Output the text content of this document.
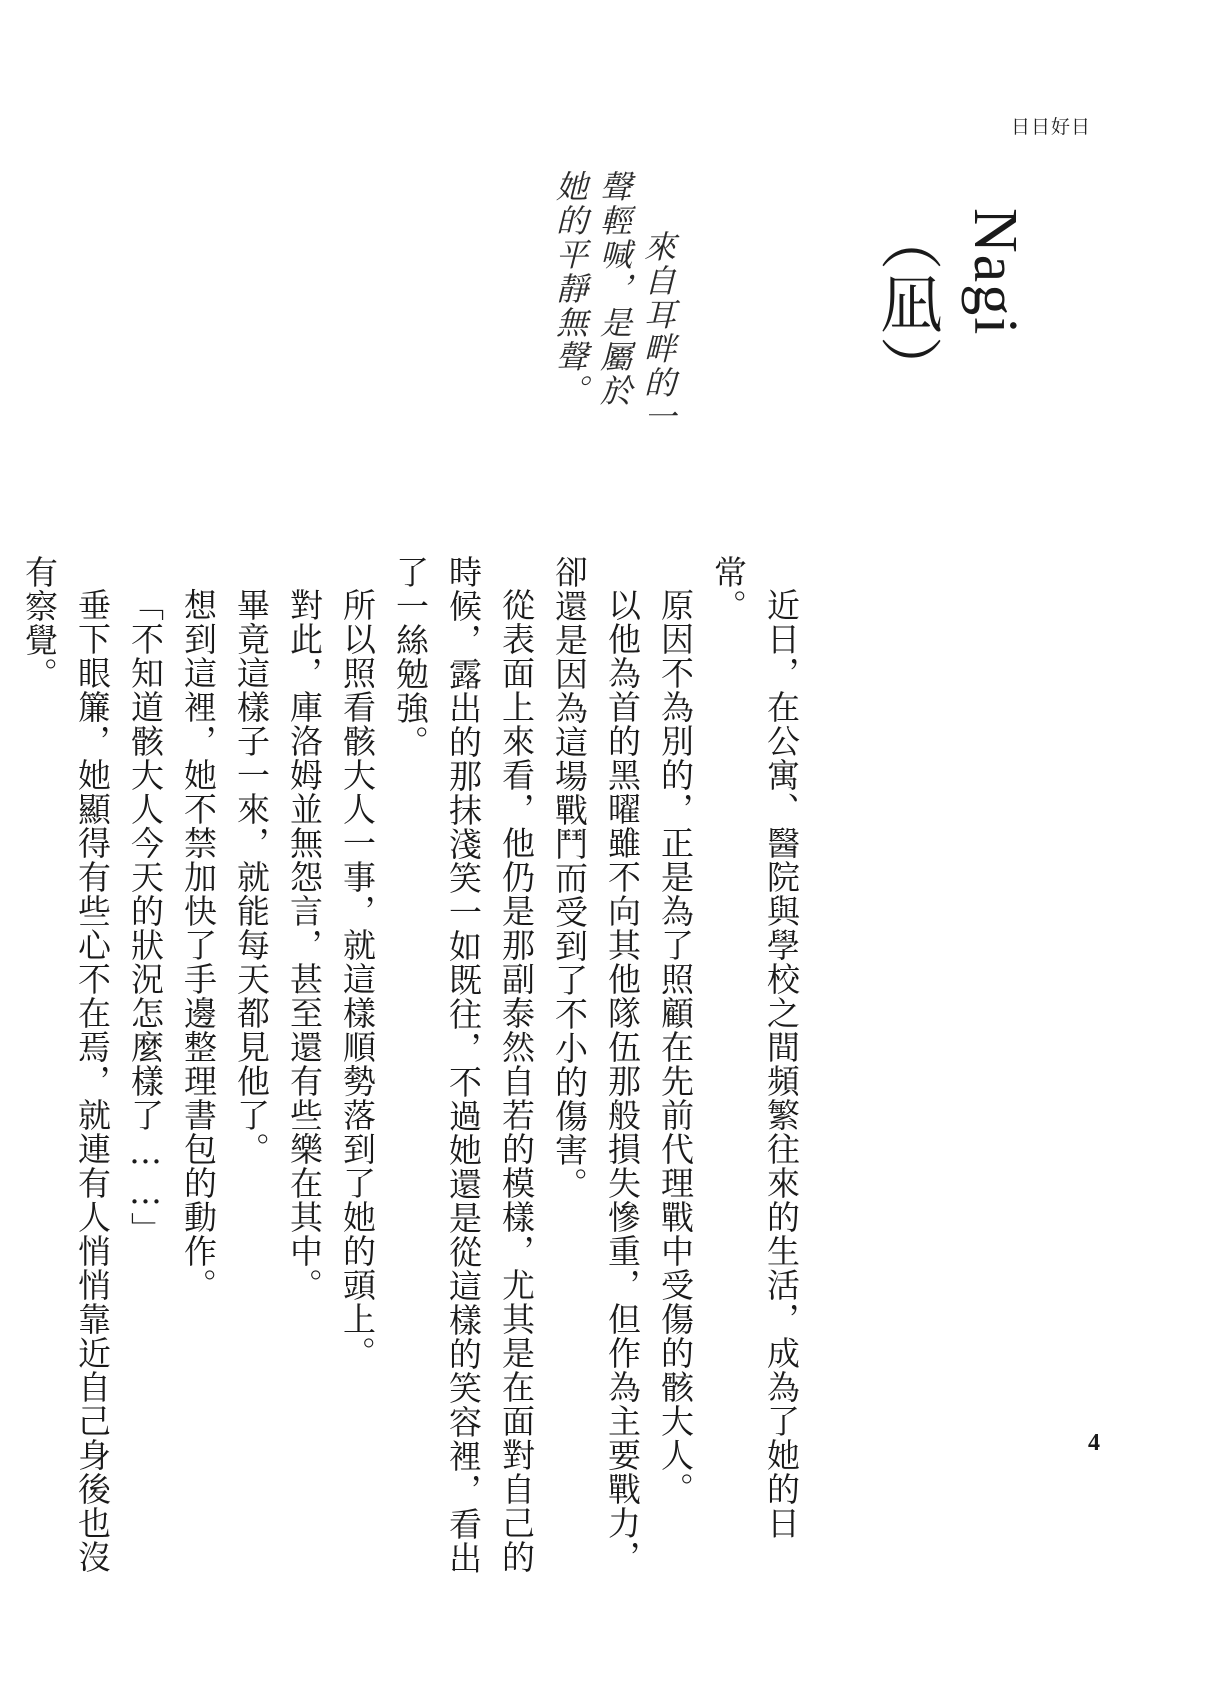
日日好日
Nagi（凪）
來自耳畔的一
聲輕喊，是屬於
她的平靜無聲。

近日，在公寓、醫院與學校之間頻繁往來的生活，成為了她的日常。

原因不為別的，正是為了照顧在先前代理戰中受傷的骸大人。

以他為首的黑曜雖不向其他隊伍那般損失慘重，但作為主要戰力，卻還是因為這場戰鬥而受到了不小的傷害。

從表面上來看，他仍是那副泰然自若的模樣，尤其是在面對自己的時候，露出的那抹淺笑一如既往，不過她還是從這樣的笑容裡，看出了一絲勉強。

所以照看骸大人一事，就這樣順勢落到了她的頭上。

對此，庫洛姆並無怨言，甚至還有些樂在其中。

畢竟這樣子一來，就能每天都見他了。

想到這裡，她不禁加快了手邊整理書包的動作。

「不知道骸大人今天的狀況怎麼樣了……」

垂下眼簾，她顯得有些心不在焉，就連有人悄悄靠近自己身後也沒有察覺。

4
